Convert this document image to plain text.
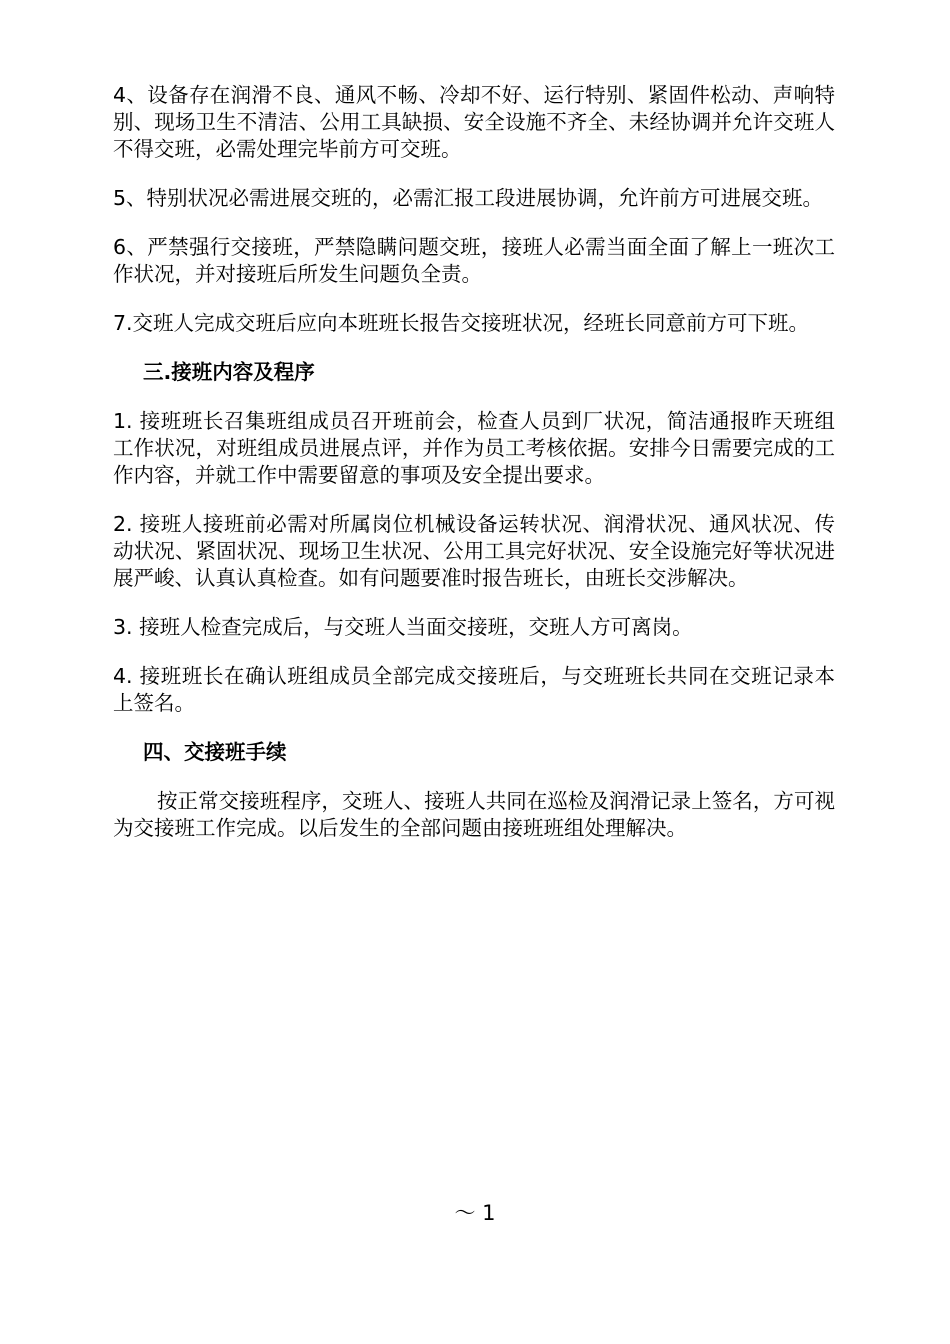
4、设备存在润滑不良、通风不畅、冷却不好、运行特别、紧固件松动、声响特别、现场卫生不清洁、公用工具缺损、安全设施不齐全、未经协调并允许交班人不得交班，必需处理完毕前方可交班。

5、特别状况必需进展交班的，必需汇报工段进展协调，允许前方可进展交班。

6、严禁强行交接班，严禁隐瞒问题交班，接班人必需当面全面了解上一班次工作状况，并对接班后所发生问题负全责。

7.交班人完成交班后应向本班班长报告交接班状况，经班长同意前方可下班。

三.接班内容及程序

1. 接班班长召集班组成员召开班前会，检查人员到厂状况，简洁通报昨天班组工作状况，对班组成员进展点评，并作为员工考核依据。安排今日需要完成的工作内容，并就工作中需要留意的事项及安全提出要求。

2. 接班人接班前必需对所属岗位机械设备运转状况、润滑状况、通风状况、传动状况、紧固状况、现场卫生状况、公用工具完好状况、安全设施完好等状况进展严峻、认真认真检查。如有问题要准时报告班长，由班长交涉解决。

3. 接班人检查完成后，与交班人当面交接班，交班人方可离岗。

4. 接班班长在确认班组成员全部完成交接班后，与交班班长共同在交班记录本上签名。

四、交接班手续

按正常交接班程序，交班人、接班人共同在巡检及润滑记录上签名，方可视为交接班工作完成。以后发生的全部问题由接班班组处理解决。

～ 1
